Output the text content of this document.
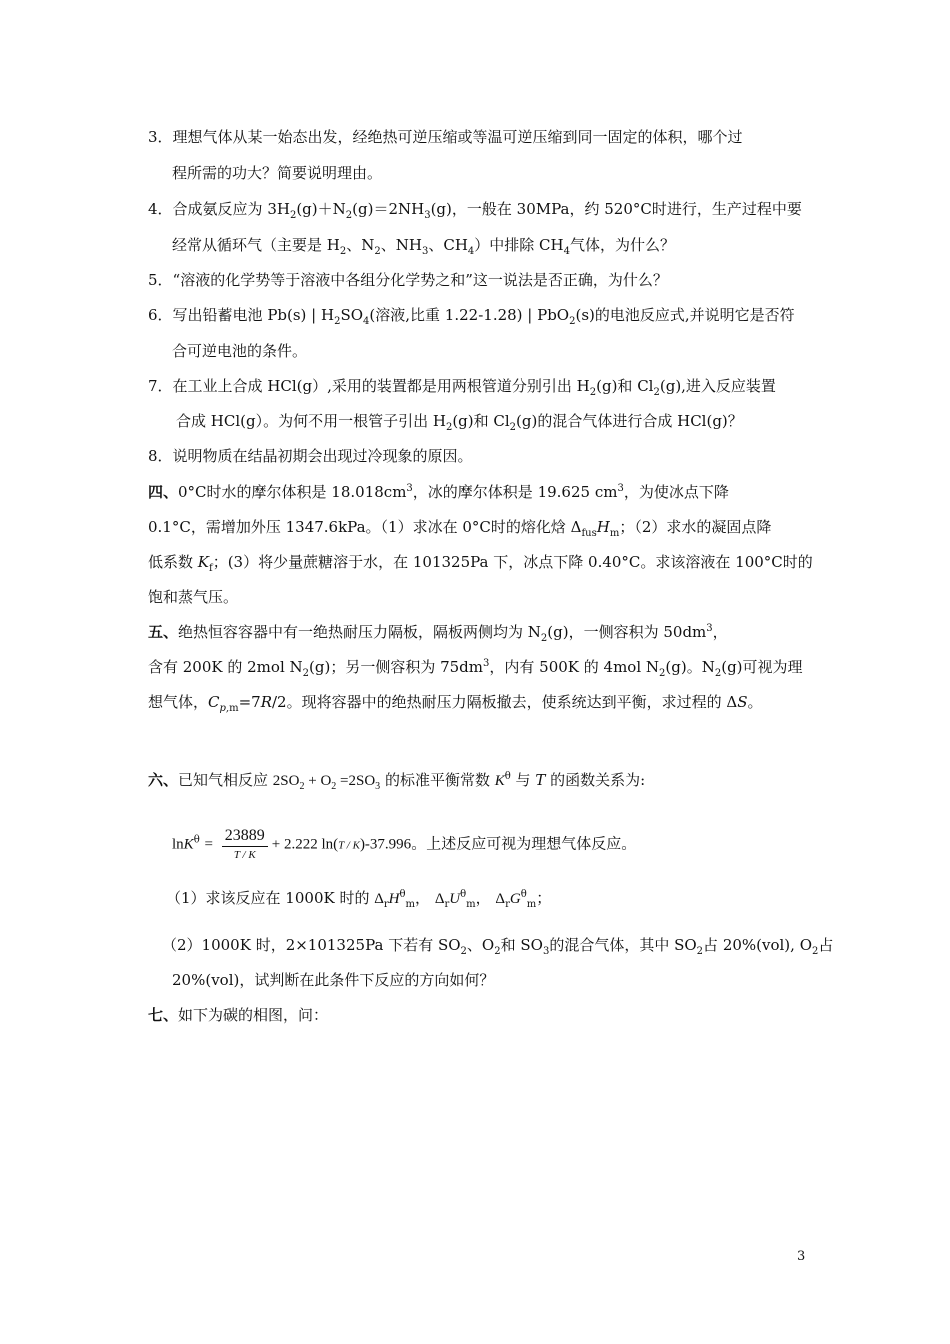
3．理想气体从某一始态出发，经绝热可逆压缩或等温可逆压缩到同一固定的体积，哪个过
程所需的功大？简要说明理由。
4．合成氨反应为 $3H_2(g)+N_2(g)=2NH_3(g)$，一般在 30MPa，约 520°C时进行，生产过程中要
经常从循环气（主要是 $H_2$、$N_2$、$NH_3$、$CH_4$）中排除 $CH_4$气体，为什么？
5．“溶液的化学势等于溶液中各组分化学势之和”这一说法是否正确，为什么？
6．写出铅蓄电池 Pb(s) | $H_2SO_4$(溶液,比重 1.22-1.28) | PbO$_2$(s)的电池反应式,并说明它是否符
合可逆电池的条件。
7．在工业上合成 HCl(g）,采用的装置都是用两根管道分别引出 $H_2(g)$和 $Cl_2(g)$,进入反应装置
合成 HCl(g）。为何不用一根管子引出 $H_2(g)$和 $Cl_2(g)$的混合气体进行合成 HCl(g)？
8．说明物质在结晶初期会出现过冷现象的原因。
四、0°C时水的摩尔体积是 $18.018cm^3$，冰的摩尔体积是 19.625 $cm^3$，为使冰点下降
0.1°C，需增加外压 1347.6kPa。（1）求冰在 0°C时的熔化焓 $\Delta_{fus}H_m$；（2）求水的凝固点降
低系数 $K_f$；(3）将少量蔗糖溶于水，在 101325Pa 下，冰点下降 0.40°C。求该溶液在 100°C时的
饱和蒸气压。
五、绝热恒容容器中有一绝热耐压力隔板，隔板两侧均为 $N_2(g)$，一侧容积为 $50dm^3$，
含有 200K 的 2mol $N_2(g)$；另一侧容积为 $75dm^3$，内有 500K 的 4mol $N_2(g)$。$N_2(g)$可视为理
想气体，$C_{p,m}=7R/2$。现将容器中的绝热耐压力隔板撤去，使系统达到平衡，求过程的 ΔS。
六、已知气相反应 $2SO_2 + O_2 =2SO_3$ 的标准平衡常数 $K^\theta$ 与 T 的函数关系为:
$\ln K^\theta = \frac{23889}{T / K} + 2.222$ ln(T / K)-37.996。上述反应可视为理想气体反应。
（1）求该反应在 1000K 时的 $\Delta_rH^\theta_m$， $\Delta_rU^\theta_m$， $\Delta_rG^\theta_m$；
（2）1000K 时，2×101325Pa 下若有 $SO_2$、$O_2$和 $SO_3$的混合气体，其中 $SO_2$占 20%(vol), $O_2$占
20%(vol)，试判断在此条件下反应的方向如何？
七、如下为碳的相图，问：
3
